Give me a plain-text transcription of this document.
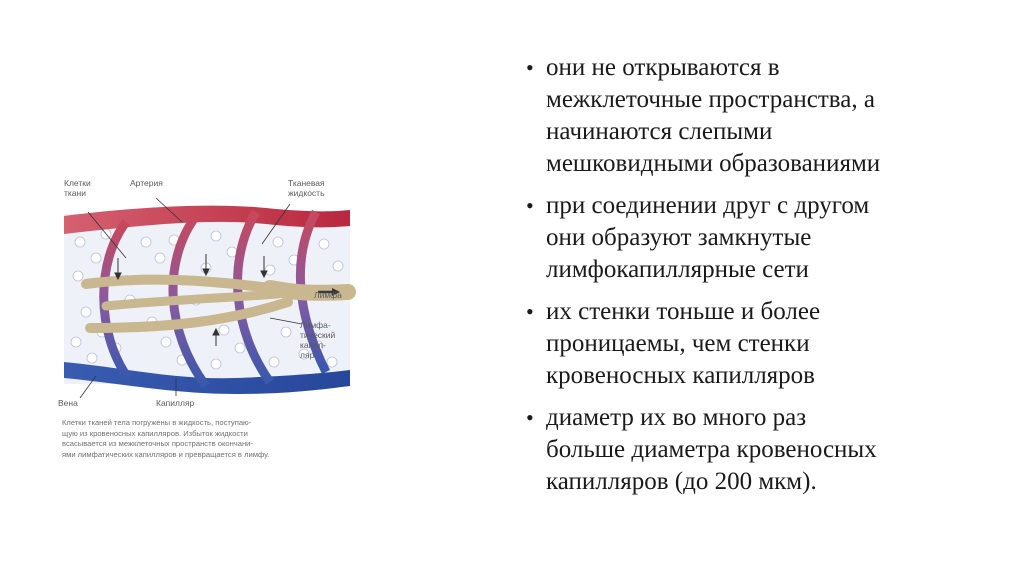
Клетки
ткани
Артерия	Тканевая
жидкость
Лимфа
Лимфа-
тический
капил-
ляр
Вена	Капилляр
Клетки тканей тела погружены в жидкость, поступаю-
щую из кровеносных капилляров. Избыток жидкости
всасывается из межклеточных пространств окончани-
ями лимфатических капилляров и превращается в лимфу.
• они не открываются в
межклеточные пространства, а
начинаются слепыми
мешковидными образованиями
• при соединении друг с другом
они образуют замкнутые
лимфокапиллярные сети
• их стенки тоньше и более
проницаемы, чем стенки
кровеносных капилляров
• диаметр их во много раз
больше диаметра кровеносных
капилляров (до 200 мкм).
